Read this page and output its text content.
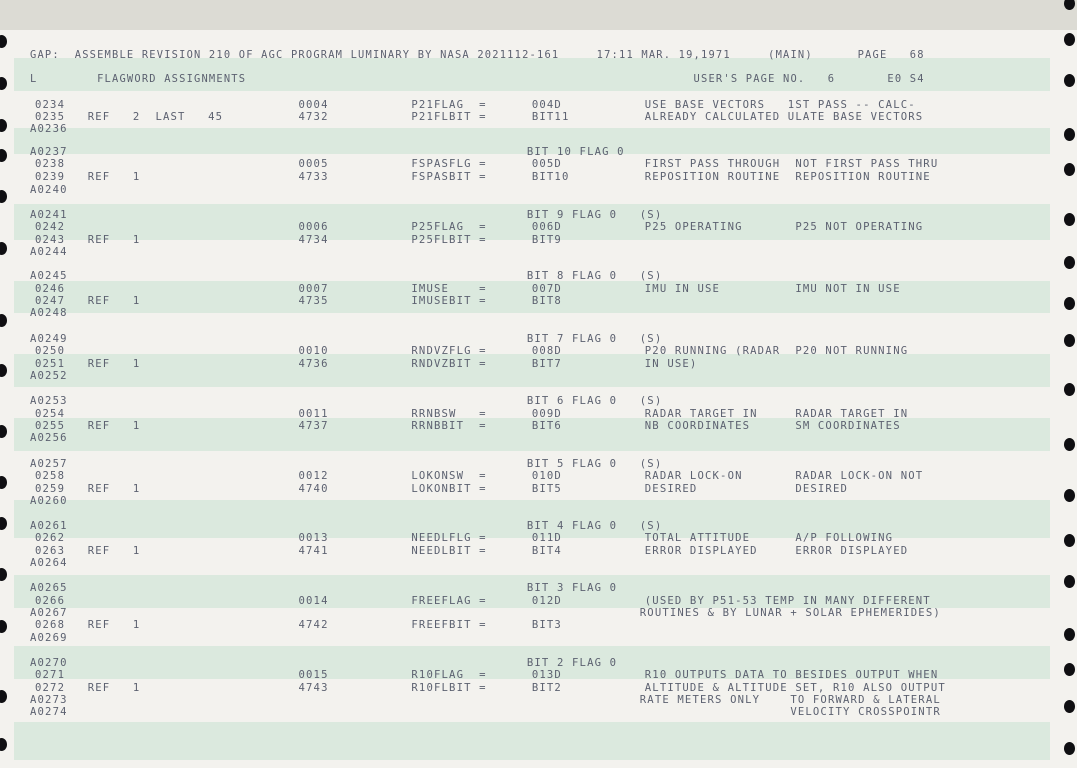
GAP:  ASSEMBLE REVISION 210 OF AGC PROGRAM LUMINARY BY NASA 2021112-161     17:11 MAR. 19,1971     (MAIN)      PAGE   68
L        FLAGWORD ASSIGNMENTS                                                            USER'S PAGE NO.   6       E0 S4
0234                               0004           P21FLAG  =      004D           USE BASE VECTORS   1ST PASS -- CALC-
0235   REF   2  LAST   45          4732           P21FLBIT =      BIT11          ALREADY CALCULATED ULATE BASE VECTORS
A0236
A0237                                                             BIT 10 FLAG 0
0238                               0005           FSPASFLG =      005D           FIRST PASS THROUGH  NOT FIRST PASS THRU
0239   REF   1                     4733           FSPASBIT =      BIT10          REPOSITION ROUTINE  REPOSITION ROUTINE
A0240
A0241                                                             BIT 9 FLAG 0   (S)
0242                               0006           P25FLAG  =      006D           P25 OPERATING       P25 NOT OPERATING
0243   REF   1                     4734           P25FLBIT =      BIT9
A0244
A0245                                                             BIT 8 FLAG 0   (S)
0246                               0007           IMUSE    =      007D           IMU IN USE          IMU NOT IN USE
0247   REF   1                     4735           IMUSEBIT =      BIT8
A0248
A0249                                                             BIT 7 FLAG 0   (S)
0250                               0010           RNDVZFLG =      008D           P20 RUNNING (RADAR  P20 NOT RUNNING
0251   REF   1                     4736           RNDVZBIT =      BIT7           IN USE)
A0252
A0253                                                             BIT 6 FLAG 0   (S)
0254                               0011           RRNBSW   =      009D           RADAR TARGET IN     RADAR TARGET IN
0255   REF   1                     4737           RRNBBIT  =      BIT6           NB COORDINATES      SM COORDINATES
A0256
A0257                                                             BIT 5 FLAG 0   (S)
0258                               0012           LOKONSW  =      010D           RADAR LOCK-ON       RADAR LOCK-ON NOT
0259   REF   1                     4740           LOKONBIT =      BIT5           DESIRED             DESIRED
A0260
A0261                                                             BIT 4 FLAG 0   (S)
0262                               0013           NEEDLFLG =      011D           TOTAL ATTITUDE      A/P FOLLOWING
0263   REF   1                     4741           NEEDLBIT =      BIT4           ERROR DISPLAYED     ERROR DISPLAYED
A0264
A0265                                                             BIT 3 FLAG 0
0266                               0014           FREEFLAG =      012D           (USED BY P51-53 TEMP IN MANY DIFFERENT
A0267                                                                            ROUTINES & BY LUNAR + SOLAR EPHEMERIDES)
0268   REF   1                     4742           FREEFBIT =      BIT3
A0269
A0270                                                             BIT 2 FLAG 0
0271                               0015           R10FLAG  =      013D           R10 OUTPUTS DATA TO BESIDES OUTPUT WHEN
0272   REF   1                     4743           R10FLBIT =      BIT2           ALTITUDE & ALTITUDE SET, R10 ALSO OUTPUT
A0273                                                                            RATE METERS ONLY    TO FORWARD & LATERAL
A0274                                                                                                VELOCITY CROSSPOINTR
